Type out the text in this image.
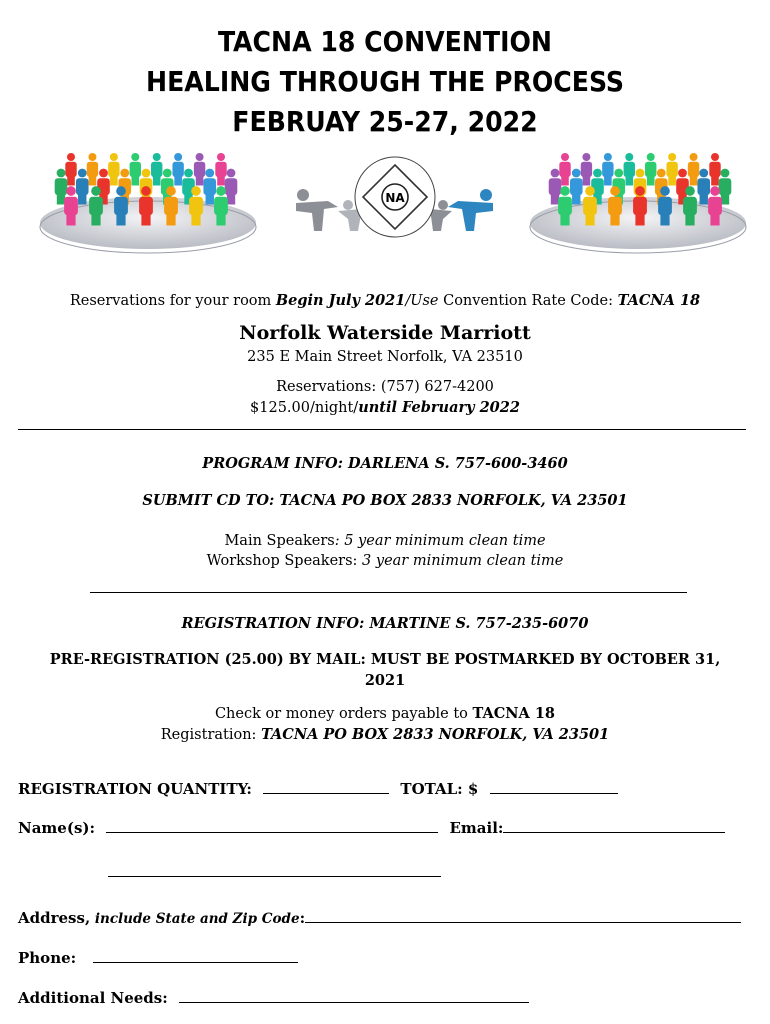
TACNA 18 CONVENTION
HEALING THROUGH THE PROCESS
FEBRUAY 25-27, 2022
NA
Reservations for your room Begin July 2021/Use Convention Rate Code: TACNA 18
Norfolk Waterside Marriott
235 E Main Street Norfolk, VA 23510
Reservations: (757) 627-4200
$125.00/night/until February 2022
PROGRAM INFO: DARLENA S. 757-600-3460
SUBMIT CD TO: TACNA PO BOX 2833 NORFOLK, VA 23501
Main Speakers: 5 year minimum clean time
Workshop Speakers: 3 year minimum clean time
REGISTRATION INFO: MARTINE S. 757-235-6070
PRE-REGISTRATION (25.00) BY MAIL: MUST BE POSTMARKED BY OCTOBER 31,
2021
Check or money orders payable to TACNA 18
Registration: TACNA PO BOX 2833 NORFOLK, VA 23501
REGISTRATION QUANTITY:	TOTAL: $
Name(s):	Email:
Address, include State and Zip Code:
Phone:
Additional Needs:
